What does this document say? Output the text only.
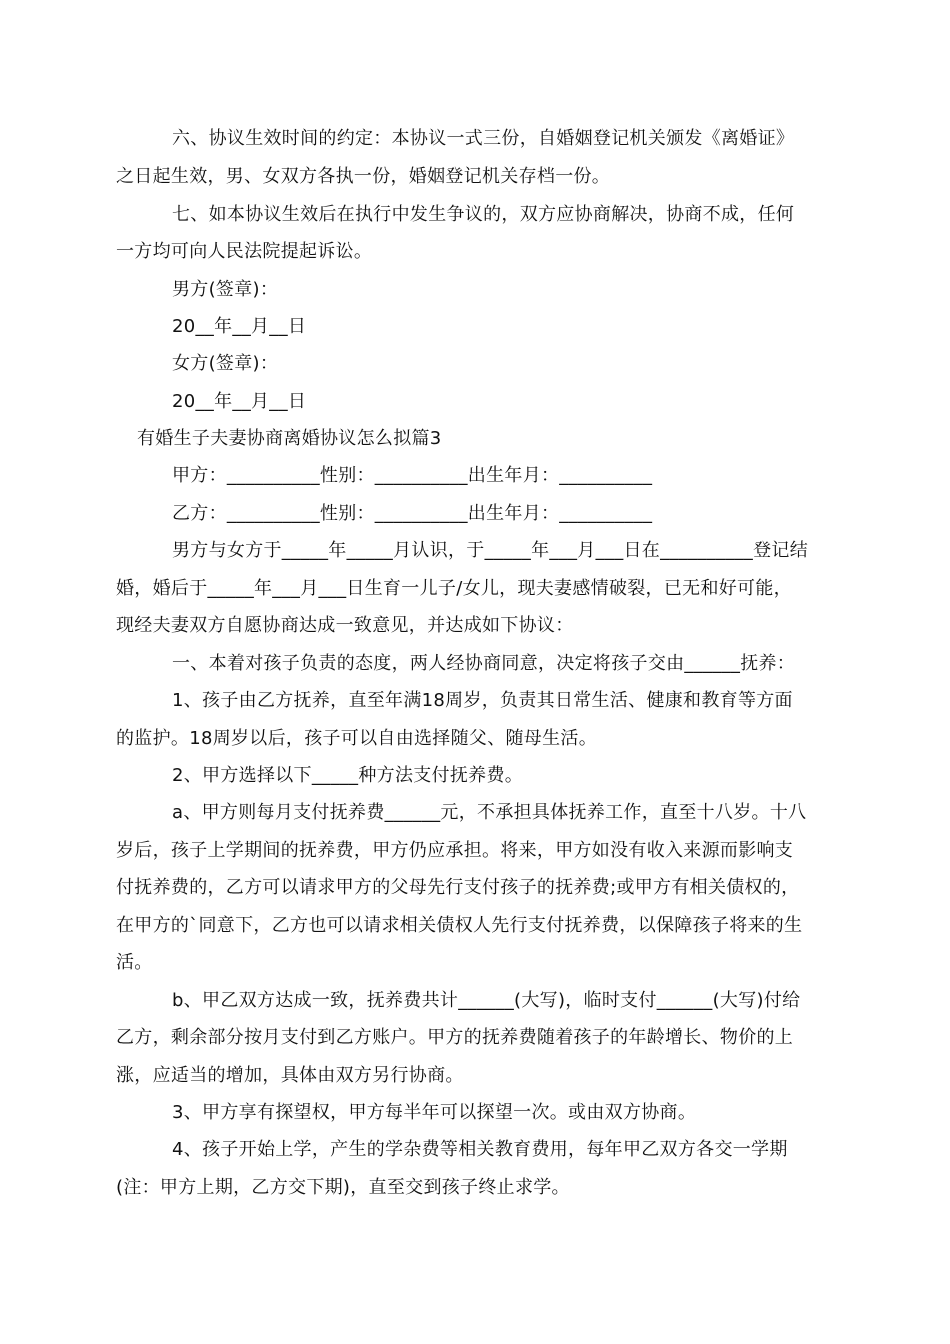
六、协议生效时间的约定：本协议一式三份，自婚姻登记机关颁发《离婚证》

之日起生效，男、女双方各执一份，婚姻登记机关存档一份。

七、如本协议生效后在执行中发生争议的，双方应协商解决，协商不成，任何

一方均可向人民法院提起诉讼。

男方(签章)：

20__年__月__日

女方(签章)：

20__年__月__日

有婚生子夫妻协商离婚协议怎么拟篇3

甲方：__________性别：__________出生年月：__________

乙方：__________性别：__________出生年月：__________

男方与女方于_____年_____月认识，于_____年___月___日在__________登记结

婚，婚后于_____年___月___日生育一儿子/女儿，现夫妻感情破裂，已无和好可能，

现经夫妻双方自愿协商达成一致意见，并达成如下协议：

一、本着对孩子负责的态度，两人经协商同意，决定将孩子交由______抚养：

1、孩子由乙方抚养，直至年满18周岁，负责其日常生活、健康和教育等方面

的监护。18周岁以后，孩子可以自由选择随父、随母生活。

2、甲方选择以下_____种方法支付抚养费。

a、甲方则每月支付抚养费______元，不承担具体抚养工作，直至十八岁。十八

岁后，孩子上学期间的抚养费，甲方仍应承担。将来，甲方如没有收入来源而影响支

付抚养费的，乙方可以请求甲方的父母先行支付孩子的抚养费;或甲方有相关债权的，

在甲方的`同意下，乙方也可以请求相关债权人先行支付抚养费，以保障孩子将来的生

活。

b、甲乙双方达成一致，抚养费共计______(大写)，临时支付______(大写)付给

乙方，剩余部分按月支付到乙方账户。甲方的抚养费随着孩子的年龄增长、物价的上

涨，应适当的增加，具体由双方另行协商。

3、甲方享有探望权，甲方每半年可以探望一次。或由双方协商。

4、孩子开始上学，产生的学杂费等相关教育费用，每年甲乙双方各交一学期

(注：甲方上期，乙方交下期)，直至交到孩子终止求学。
